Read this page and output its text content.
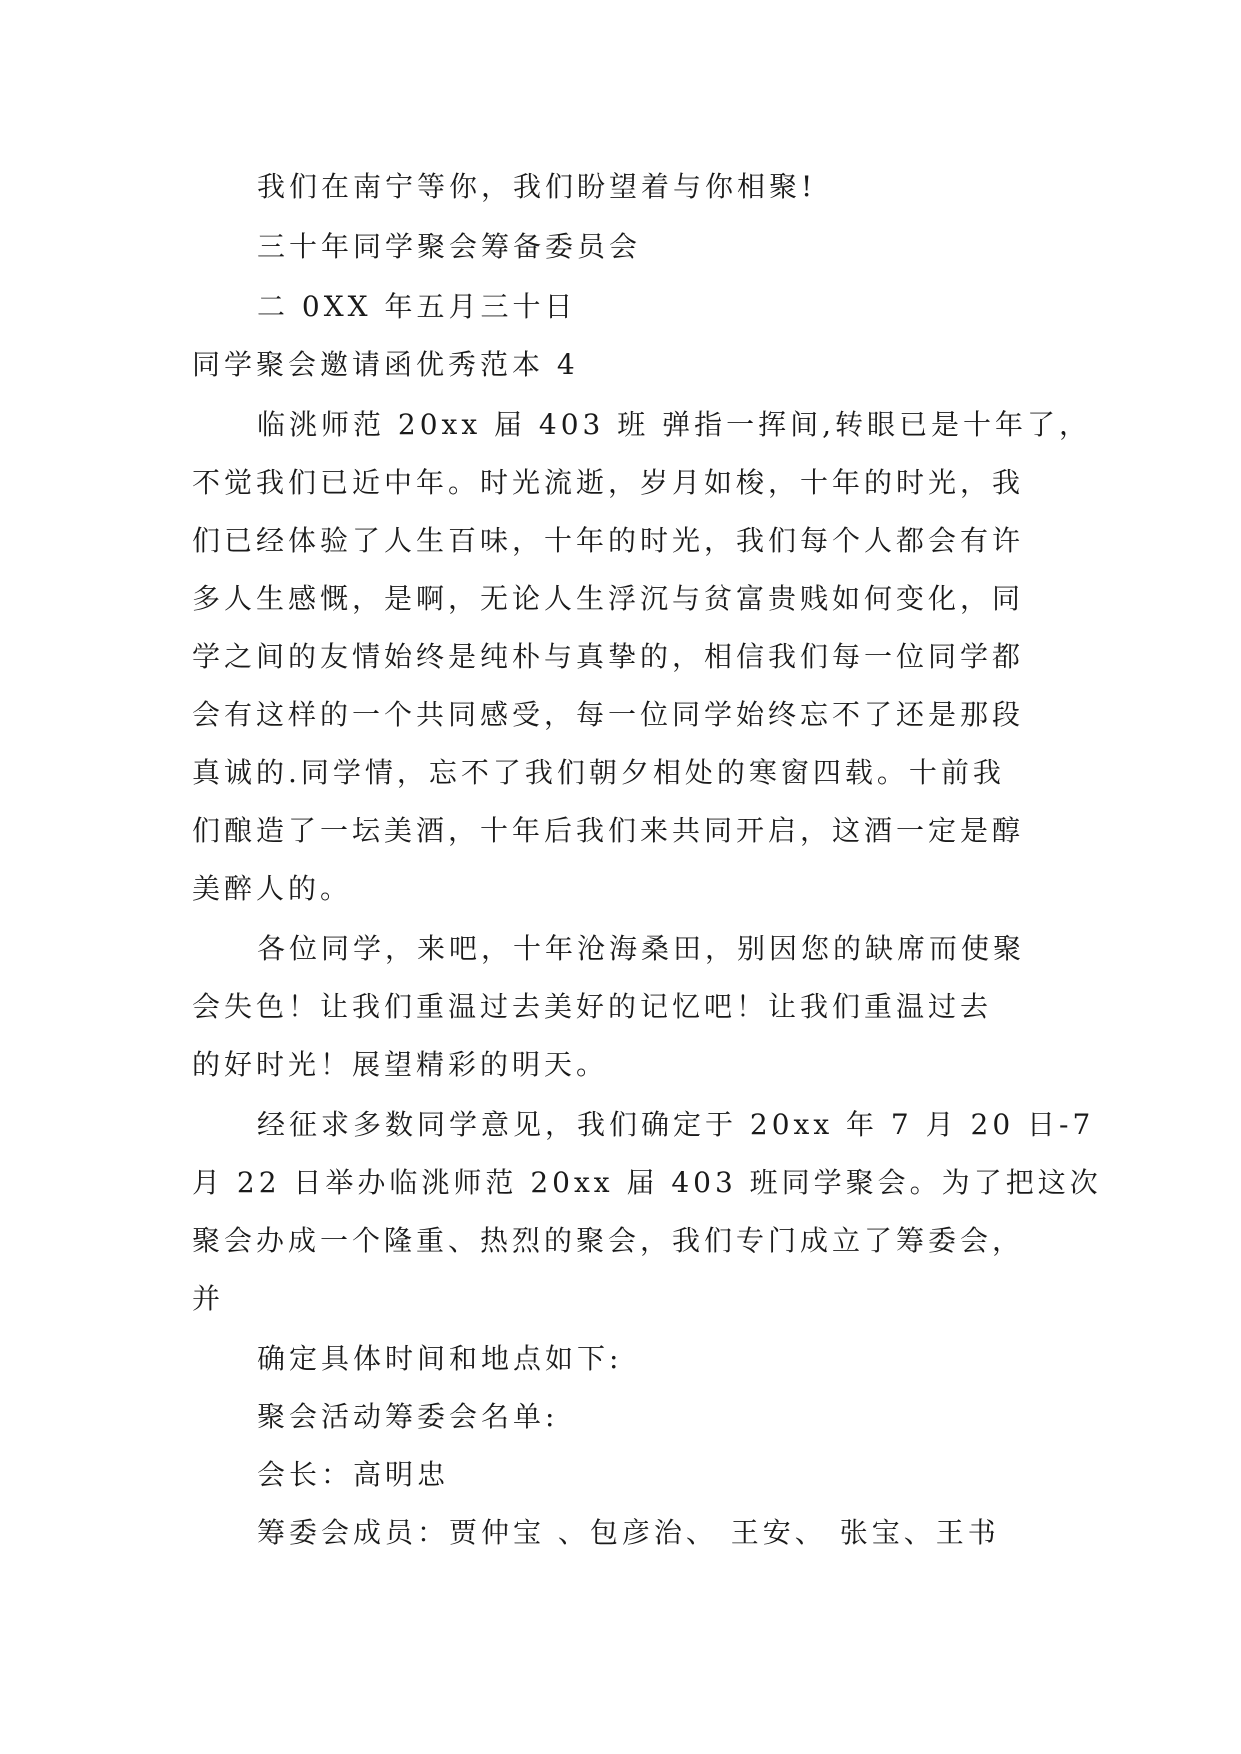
我们在南宁等你，我们盼望着与你相聚!
三十年同学聚会筹备委员会
二 0XX 年五月三十日
同学聚会邀请函优秀范本 4
临洮师范 20xx 届 403 班 弹指一挥间,转眼已是十年了，
不觉我们已近中年。时光流逝，岁月如梭，十年的时光，我
们已经体验了人生百味，十年的时光，我们每个人都会有许
多人生感慨，是啊，无论人生浮沉与贫富贵贱如何变化，同
学之间的友情始终是纯朴与真挚的，相信我们每一位同学都
会有这样的一个共同感受，每一位同学始终忘不了还是那段
真诚的.同学情，忘不了我们朝夕相处的寒窗四载。十前我
们酿造了一坛美酒，十年后我们来共同开启，这酒一定是醇
美醉人的。
各位同学，来吧，十年沧海桑田，别因您的缺席而使聚
会失色！让我们重温过去美好的记忆吧！让我们重温过去
的好时光！展望精彩的明天。
经征求多数同学意见，我们确定于 20xx 年 7 月 20 日-7
月 22 日举办临洮师范 20xx 届 403 班同学聚会。为了把这次
聚会办成一个隆重、热烈的聚会，我们专门成立了筹委会，
并
确定具体时间和地点如下:
聚会活动筹委会名单:
会长：高明忠
筹委会成员：贾仲宝 、包彦治、 王安、 张宝、王书
